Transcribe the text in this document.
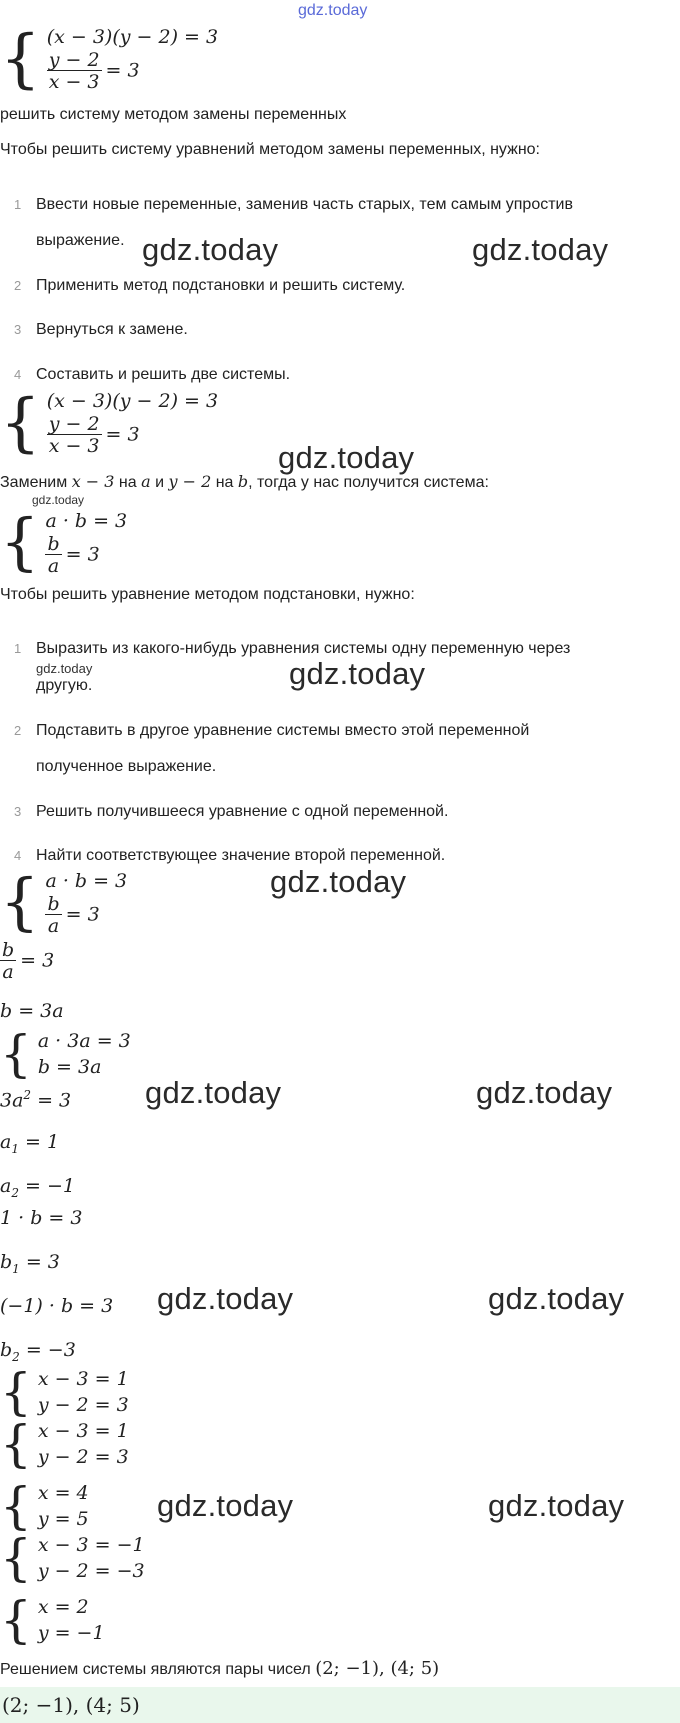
gdz.today
{ (x − 3)(y − 2) = 3
$\frac{y - 2}{x - 3} = 3$
решить систему методом замены переменных
Чтобы решить систему уравнений методом замены переменных, нужно:
1 Ввести новые переменные, заменив часть старых, тем самым упростив
выражение. gdz.today	gdz.today
2 Применить метод подстановки и решить систему.
3 Вернуться к замене.
4 Составить и решить две системы.
{ (x − 3)(y − 2) = 3
$\frac{y - 2}{x - 3} = 3$
gdz.today
Заменим x − 3 на a и y − 2 на b, тогда у нас получится система:
gdz.today
{ a · b = 3
$\frac{b}{a} = 3$
Чтобы решить уравнение методом подстановки, нужно:
1 Выразить из какого-нибудь уравнения системы одну переменную через
gdz.today
другую.	gdz.today
2 Подставить в другое уравнение системы вместо этой переменной
полученное выражение.
3 Решить получившееся уравнение с одной переменной.
4 Найти соответствующее значение второй переменной.
{ a · b = 3
$\frac{b}{a} = 3$
gdz.today
$\frac{b}{a} = 3$
b = 3a
{ a · 3a = 3
b = 3a
$3a^2 = 3$ gdz.today	gdz.today
$a_1 = 1$
$a_2 = -1$
1 · b = 3
$b_1 = 3$
(−1) · b = 3 gdz.today	gdz.today
$b_2 = -3$
{ x − 3 = 1
y − 2 = 3
{ x − 3 = 1
y − 2 = 3
{ x = 4
y = 5 gdz.today	gdz.today
{ x − 3 = −1
y − 2 = −3
{ x = 2
y = −1
Решением системы являются пары чисел (2; −1), (4; 5)
(2; −1), (4; 5)
